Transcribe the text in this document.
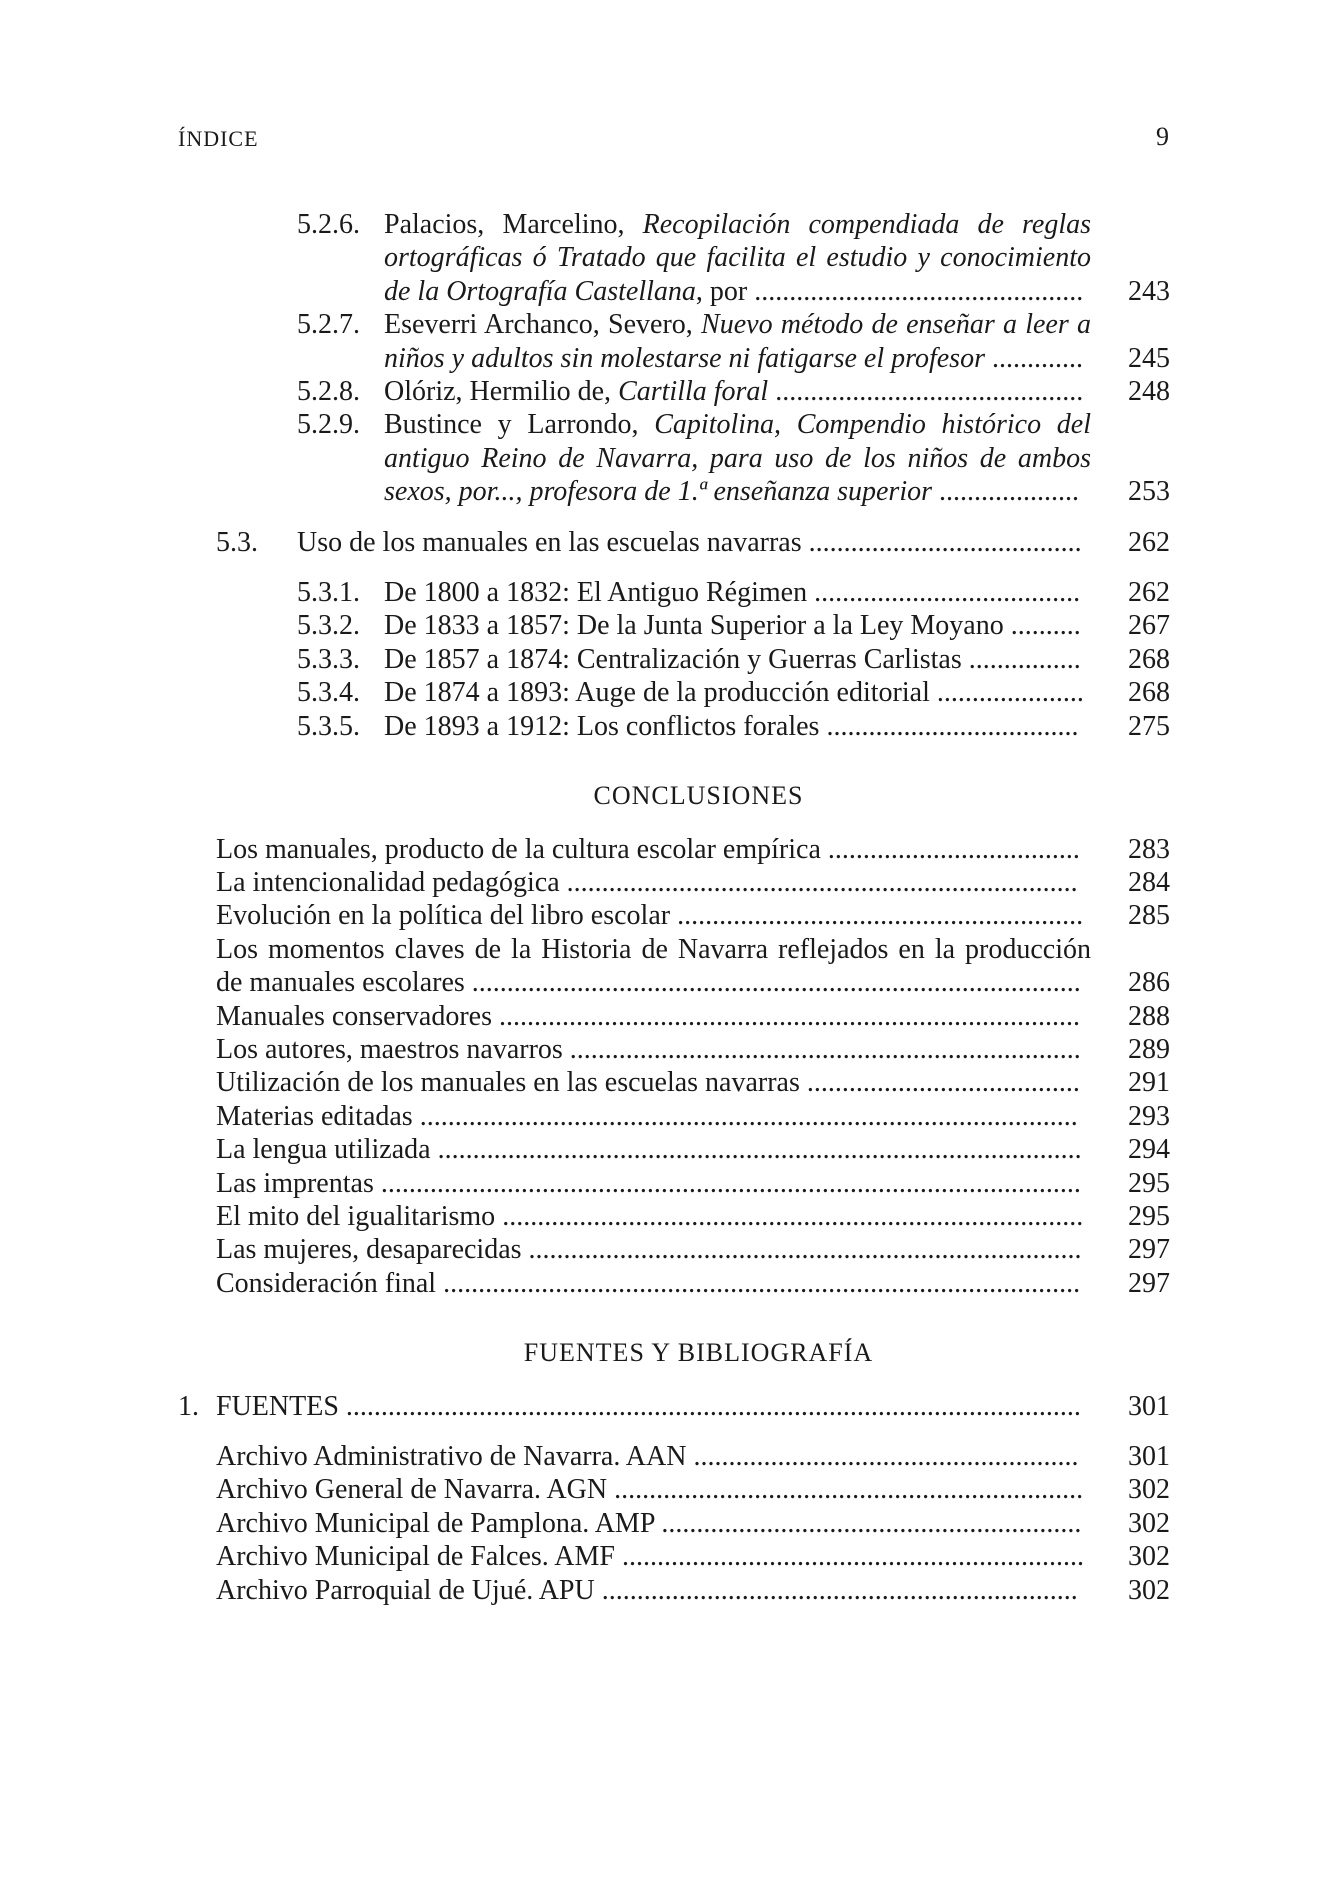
ÍNDICE	9
5.2.6. Palacios, Marcelino, Recopilación compendiada de reglas ortográficas ó Tratado que facilita el estudio y conocimiento de la Ortografía Castellana, por ............................................... 243
5.2.7. Eseverri Archanco, Severo, Nuevo método de enseñar a leer a niños y adultos sin molestarse ni fatigarse el profesor ............. 245
5.2.8. Olóriz, Hermilio de, Cartilla foral ............................................ 248
5.2.9. Bustince y Larrondo, Capitolina, Compendio histórico del antiguo Reino de Navarra, para uso de los niños de ambos sexos, por..., profesora de 1.ª enseñanza superior ....................	253
5.3. Uso de los manuales en las escuelas navarras .......................................	262
5.3.1. De 1800 a 1832: El Antiguo Régimen ......................................	262
5.3.2. De 1833 a 1857: De la Junta Superior a la Ley Moyano ..........	267
5.3.3. De 1857 a 1874: Centralización y Guerras Carlistas ................	268
5.3.4. De 1874 a 1893: Auge de la producción editorial ..................... 268
5.3.5. De 1893 a 1912: Los conflictos forales ....................................	275
CONCLUSIONES
Los manuales, producto de la cultura escolar empírica ....................................	283
La intencionalidad pedagógica .........................................................................	284
Evolución en la política del libro escolar .......................................................... 285
Los momentos claves de la Historia de Navarra reflejados en la producción de manuales escolares .......................................................................................	286
Manuales conservadores ...................................................................................	288
Los autores, maestros navarros .........................................................................	289
Utilización de los manuales en las escuelas navarras .......................................	291
Materias editadas ..............................................................................................	293
La lengua utilizada ............................................................................................	294
Las imprentas ....................................................................................................	295
El mito del igualitarismo ................................................................................... 295
Las mujeres, desaparecidas ...............................................................................	297
Consideración final ...........................................................................................	297
FUENTES Y BIBLIOGRAFÍA
1. FUENTES .........................................................................................................	301
Archivo Administrativo de Navarra. AAN .......................................................	301
Archivo General de Navarra. AGN ................................................................... 302
Archivo Municipal de Pamplona. AMP ............................................................	302
Archivo Municipal de Falces. AMF .................................................................. 302
Archivo Parroquial de Ujué. APU ....................................................................	302
